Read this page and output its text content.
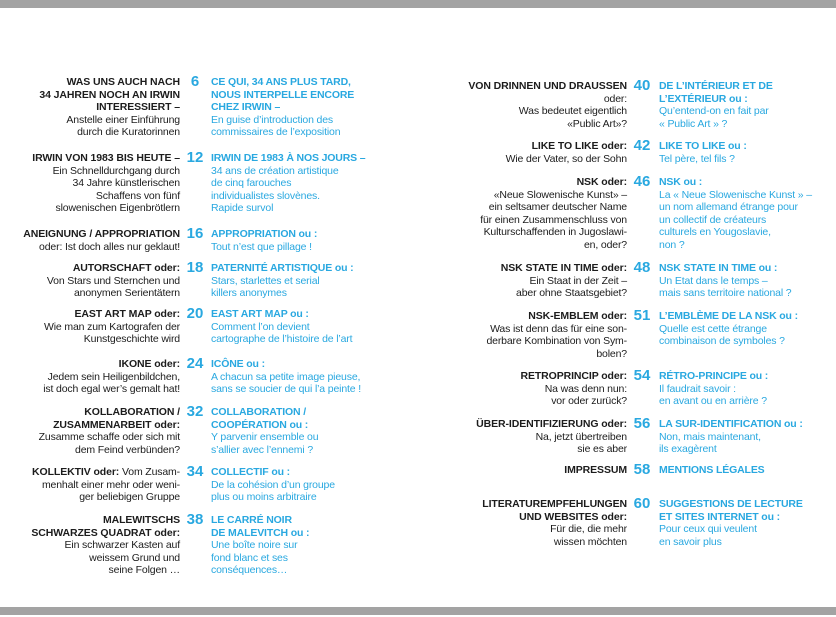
WAS UNS AUCH NACH
34 JAHREN NOCH AN IRWIN
INTERESSIERT –
Anstelle einer Einführung
durch die Kuratorinnen
6	CE QUI, 34 ANS PLUS TARD,
NOUS INTERPELLE ENCORE
CHEZ IRWIN –
En guise d’introduction des
commissaires de l’exposition
IRWIN VON 1983 BIS HEUTE –
Ein Schnelldurchgang durch
34 Jahre künstlerischen
Schaffens von fünf
slowenischen Eigenbrötlern
12 IRWIN DE 1983 À NOS JOURS –
34 ans de création artistique
de cinq farouches
individualistes slovènes.
Rapide survol
ANEIGNUNG / APPROPRIATION
oder: Ist doch alles nur geklaut!
16 APPROPRIATION ou :
Tout n’est que pillage !
AUTORSCHAFT oder:
Von Stars und Sternchen und
anonymen Serientätern
18 PATERNITÉ ARTISTIQUE ou :
Stars, starlettes et serial
killers anonymes
EAST ART MAP oder:
Wie man zum Kartografen der
Kunstgeschichte wird
20 EAST ART MAP ou :
Comment l’on devient
cartographe de l’histoire de l’art
IKONE oder:
Jedem sein Heiligenbildchen,
ist doch egal wer’s gemalt hat!
24 ICÔNE ou :
A chacun sa petite image pieuse,
sans se soucier de qui l’a peinte !
KOLLABORATION /
ZUSAMMENARBEIT oder:
Zusamme schaffe oder sich mit
dem Feind verbünden?
32 COLLABORATION /
COOPÉRATION ou :
Y parvenir ensemble ou
s’allier avec l’ennemi ?
KOLLEKTIV oder: Vom Zusam-
menhalt einer mehr oder weni-
ger beliebigen Gruppe
34 COLLECTIF ou :
De la cohésion d’un groupe
plus ou moins arbitraire
MALEWITSCHS
SCHWARZES QUADRAT oder:
Ein schwarzer Kasten auf
weissem Grund und
seine Folgen …
38 LE CARRÉ NOIR
DE MALEVITCH ou :
Une boîte noire sur
fond blanc et ses
conséquences…
VON DRINNEN UND DRAUSSEN
oder:
Was bedeutet eigentlich
«Public Art»?
40 DE L’INTÉRIEUR ET DE
L’EXTÉRIEUR ou :
Qu’entend-on en fait par
« Public Art » ?
LIKE TO LIKE oder:
Wie der Vater, so der Sohn
42 LIKE TO LIKE ou :
Tel père, tel fils ?
NSK oder:
«Neue Slowenische Kunst» –
ein seltsamer deutscher Name
für einen Zusammenschluss von
Kulturschaffenden in Jugoslawi-
en, oder?
46 NSK ou :
La « Neue Slowenische Kunst » –
un nom allemand étrange pour
un collectif de créateurs
culturels en Yougoslavie,
non ?
NSK STATE IN TIME oder:
Ein Staat in der Zeit –
aber ohne Staatsgebiet?
48 NSK STATE IN TIME ou :
Un Etat dans le temps –
mais sans territoire national ?
NSK-EMBLEM oder:
Was ist denn das für eine son-
derbare Kombination von Sym-
bolen?
51 L’EMBLÈME DE LA NSK ou :
Quelle est cette étrange
combinaison de symboles ?
RETROPRINCIP oder:
Na was denn nun:
vor oder zurück?
54 RÉTRO-PRINCIPE ou :
Il faudrait savoir :
en avant ou en arrière ?
ÜBER-IDENTIFIZIERUNG oder:
Na, jetzt übertreiben
sie es aber
56 LA SUR-IDENTIFICATION ou :
Non, mais maintenant,
ils exagèrent
IMPRESSUM 58 MENTIONS LÉGALES
LITERATUREMPFEHLUNGEN
UND WEBSITES oder:
Für die, die mehr
wissen möchten
60 SUGGESTIONS DE LECTURE
ET SITES INTERNET ou :
Pour ceux qui veulent
en savoir plus
